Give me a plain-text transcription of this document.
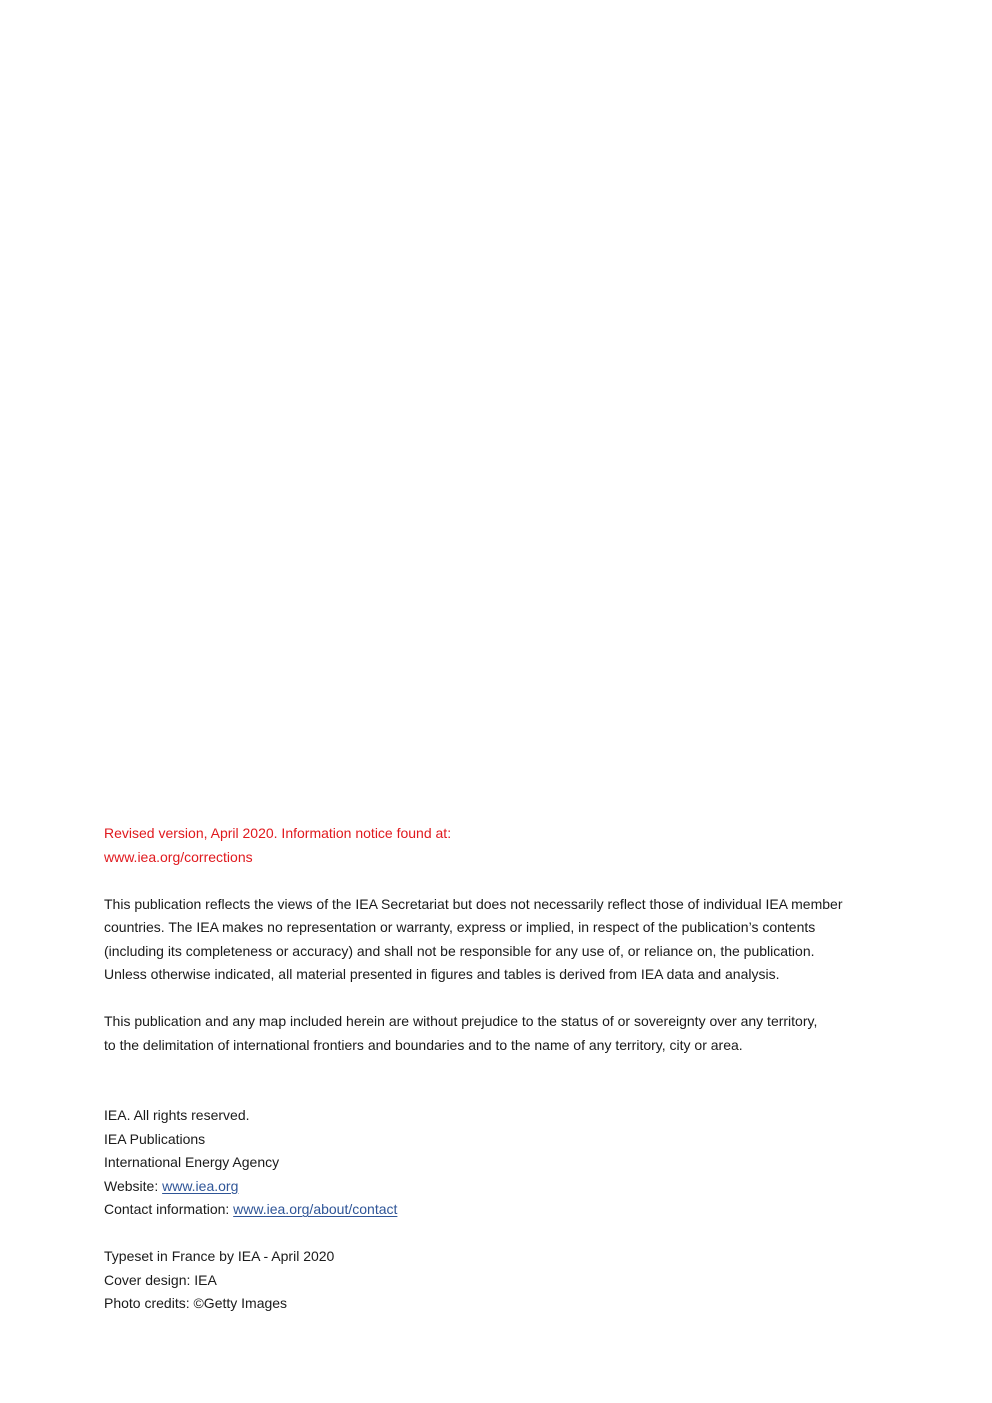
Revised version, April 2020. Information notice found at:
www.iea.org/corrections
This publication reflects the views of the IEA Secretariat but does not necessarily reflect those of individual IEA member
countries. The IEA makes no representation or warranty, express or implied, in respect of the publication’s contents
(including its completeness or accuracy) and shall not be responsible for any use of, or reliance on, the publication.
Unless otherwise indicated, all material presented in figures and tables is derived from IEA data and analysis.
This publication and any map included herein are without prejudice to the status of or sovereignty over any territory,
to the delimitation of international frontiers and boundaries and to the name of any territory, city or area.
IEA. All rights reserved.
IEA Publications
International Energy Agency
Website: www.iea.org
Contact information: www.iea.org/about/contact
Typeset in France by IEA - April 2020
Cover design: IEA
Photo credits: ©Getty Images
